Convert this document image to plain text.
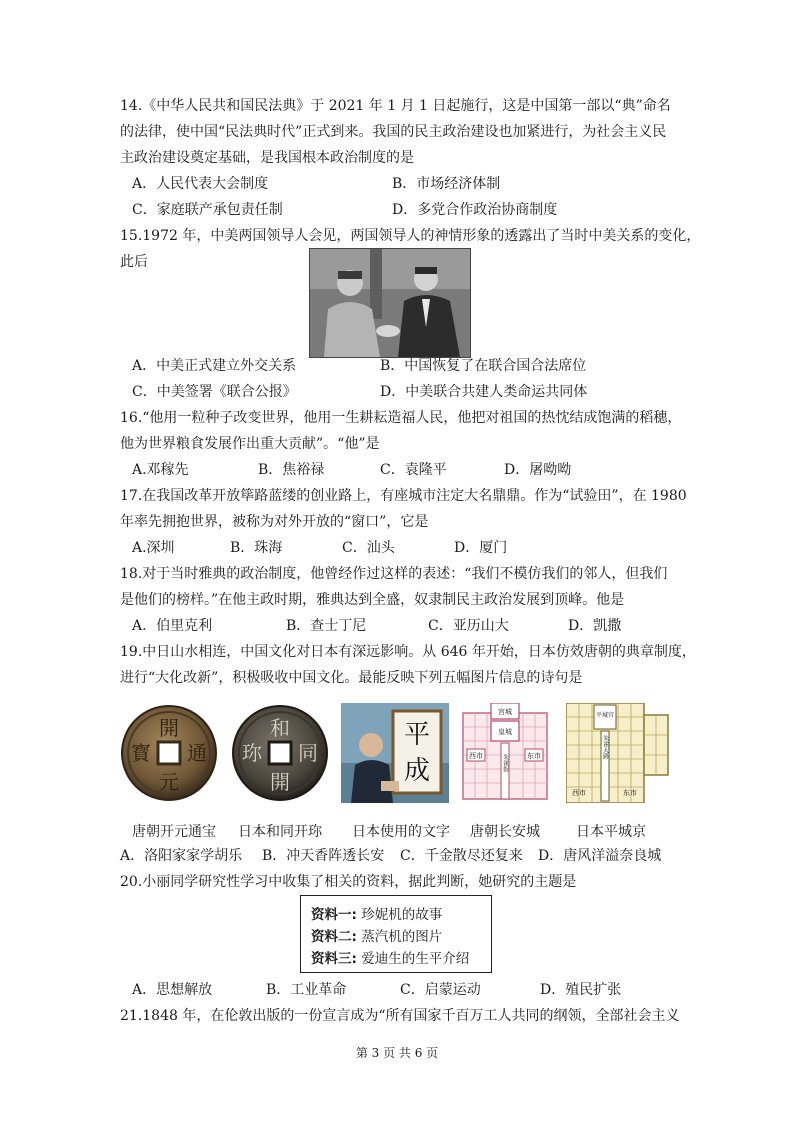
14.《中华人民共和国民法典》于 2021 年 1 月 1 日起施行，这是中国第一部以“典”命名
的法律，使中国“民法典时代”正式到来。我国的民主政治建设也加紧进行，为社会主义民
主政治建设奠定基础，是我国根本政治制度的是
A．人民代表大会制度	B．市场经济体制
C．家庭联产承包责任制	D．多党合作政治协商制度
15.1972 年，中美两国领导人会见，两国领导人的神情形象的透露出了当时中美关系的变化，
此后
A．中美正式建立外交关系	B．中国恢复了在联合国合法席位
C．中美签署《联合公报》	D．中美联合共建人类命运共同体
16.“他用一粒种子改变世界，他用一生耕耘造福人民，他把对祖国的热忱结成饱满的稻穗，
他为世界粮食发展作出重大贡献”。“他”是
A.邓稼先	B．焦裕禄	C．袁隆平	D．屠呦呦
17.在我国改革开放筚路蓝缕的创业路上，有座城市注定大名鼎鼎。作为“试验田”，在 1980
年率先拥抱世界，被称为对外开放的“窗口”，它是
A.深圳	B．珠海	C．汕头	D．厦门
18.对于当时雅典的政治制度，他曾经作过这样的表述：“我们不模仿我们的邻人，但我们
是他们的榜样。”在他主政时期，雅典达到全盛，奴隶制民主政治发展到顶峰。他是
A．伯里克利	B．查士丁尼	C．亚历山大	D．凯撒
19.中日山水相连，中国文化对日本有深远影响。从 646 年开始，日本仿效唐朝的典章制度，
进行“大化改新”，积极吸收中国文化。最能反映下列五幅图片信息的诗句是
開
通
寳
元
和
同
珎
開
平
成
宫城
皇城
朱雀街
西市	东市
平城宫
朱雀大路
西市	东市
唐朝开元通宝 日本和同开珎 日本使用的文字 唐朝长安城	日本平城京
A．洛阳家家学胡乐 B．冲天香阵透长安 C．千金散尽还复来 D．唐风洋溢奈良城
20.小丽同学研究性学习中收集了相关的资料，据此判断，她研究的主题是
资料一: 珍妮机的故事
资料二: 蒸汽机的图片
资料三: 爱迪生的生平介绍
A．思想解放	B．工业革命	C．启蒙运动	D．殖民扩张
21.1848 年，在伦敦出版的一份宣言成为“所有国家千百万工人共同的纲领，全部社会主义
第 3 页 共 6 页
